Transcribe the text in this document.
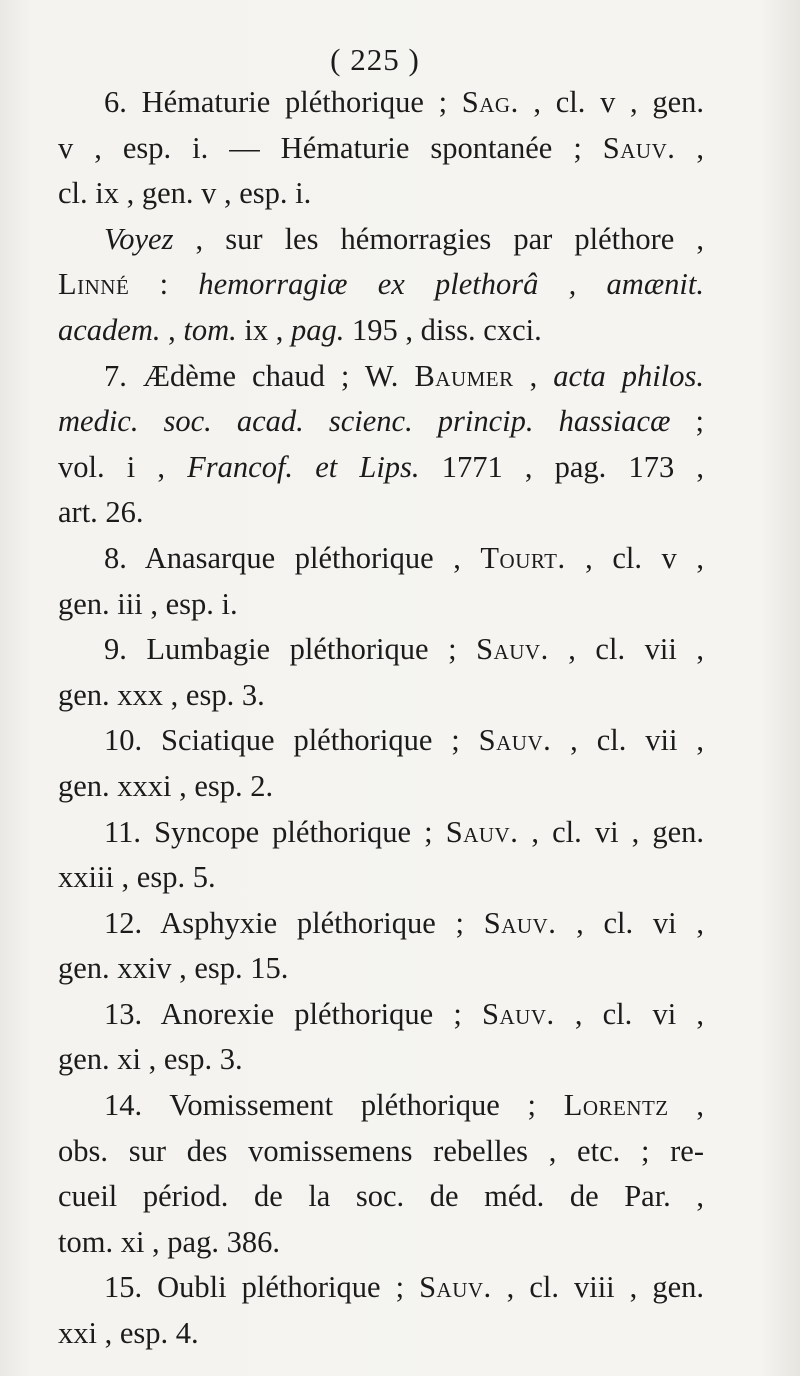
( 225 )
6. Hématurie pléthorique ; Sag. , cl. v , gen.
v , esp. i. — Hématurie spontanée ; Sauv. ,
cl. ix , gen. v , esp. i.
Voyez , sur les hémorragies par pléthore ,
Linné : hemorragiæ ex plethorâ , amænit.
academ. , tom. ix , pag. 195 , diss. cxci.
7. Ædème chaud ; W. Baumer , acta philos.
medic. soc. acad. scienc. princip. hassiacæ ;
vol. i , Francof. et Lips. 1771 , pag. 173 ,
art. 26.
8. Anasarque pléthorique , Tourt. , cl. v ,
gen. iii , esp. i.
9. Lumbagie pléthorique ; Sauv. , cl. vii ,
gen. xxx , esp. 3.
10. Sciatique pléthorique ; Sauv. , cl. vii ,
gen. xxxi , esp. 2.
11. Syncope pléthorique ; Sauv. , cl. vi , gen.
xxiii , esp. 5.
12. Asphyxie pléthorique ; Sauv. , cl. vi ,
gen. xxiv , esp. 15.
13. Anorexie pléthorique ; Sauv. , cl. vi ,
gen. xi , esp. 3.
14. Vomissement pléthorique ; Lorentz ,
obs. sur des vomissemens rebelles , etc. ; re-
cueil périod. de la soc. de méd. de Par. ,
tom. xi , pag. 386.
15. Oubli pléthorique ; Sauv. , cl. viii , gen.
xxi , esp. 4.
